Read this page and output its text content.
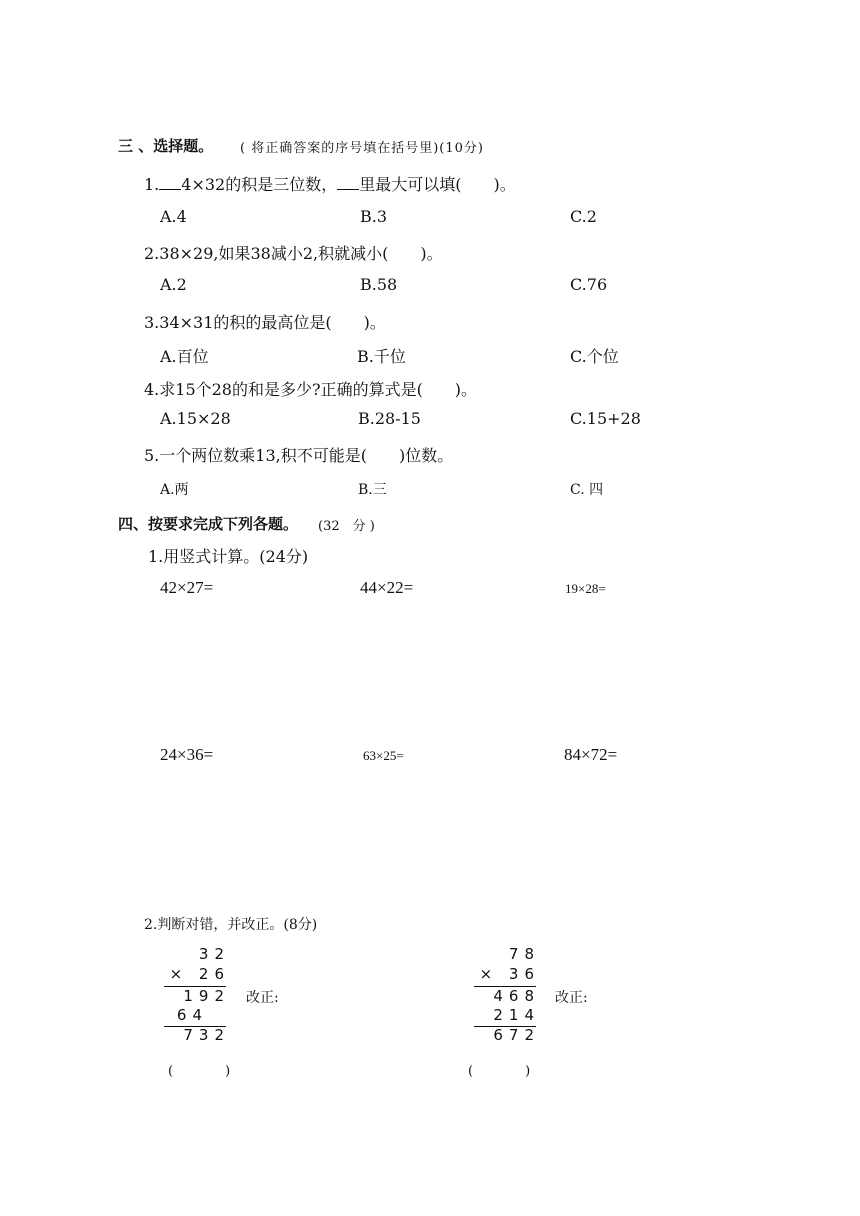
三 、选择题。 ( 将正确答案的序号填在括号里)(10分)
1. 4×32的积是三位数， 里最大可以填(　　)。
A.4	B.3	C.2
2.38×29,如果38减小2,积就减小(　　)。
A.2	B.58	C.76
3.34×31的积的最高位是(　　)。
A.百位	B.千位	C.个位
4.求15个28的和是多少?正确的算式是(　　)。
A.15×28	B.28-15	C.15+28
5.一个两位数乘13,积不可能是(　　)位数。
A.两	B.三	C. 四
四、按要求完成下列各题。 (32　分 )
1.用竖式计算。(24分)
42×27=	44×22=	19×28=
24×36=	63×25=	84×72=
2.判断对错，并改正。(8分)
32
× 26
192
64
732
改正:
(　　　　)
78
× 36
468
214
672
改正:
(　　　　)
